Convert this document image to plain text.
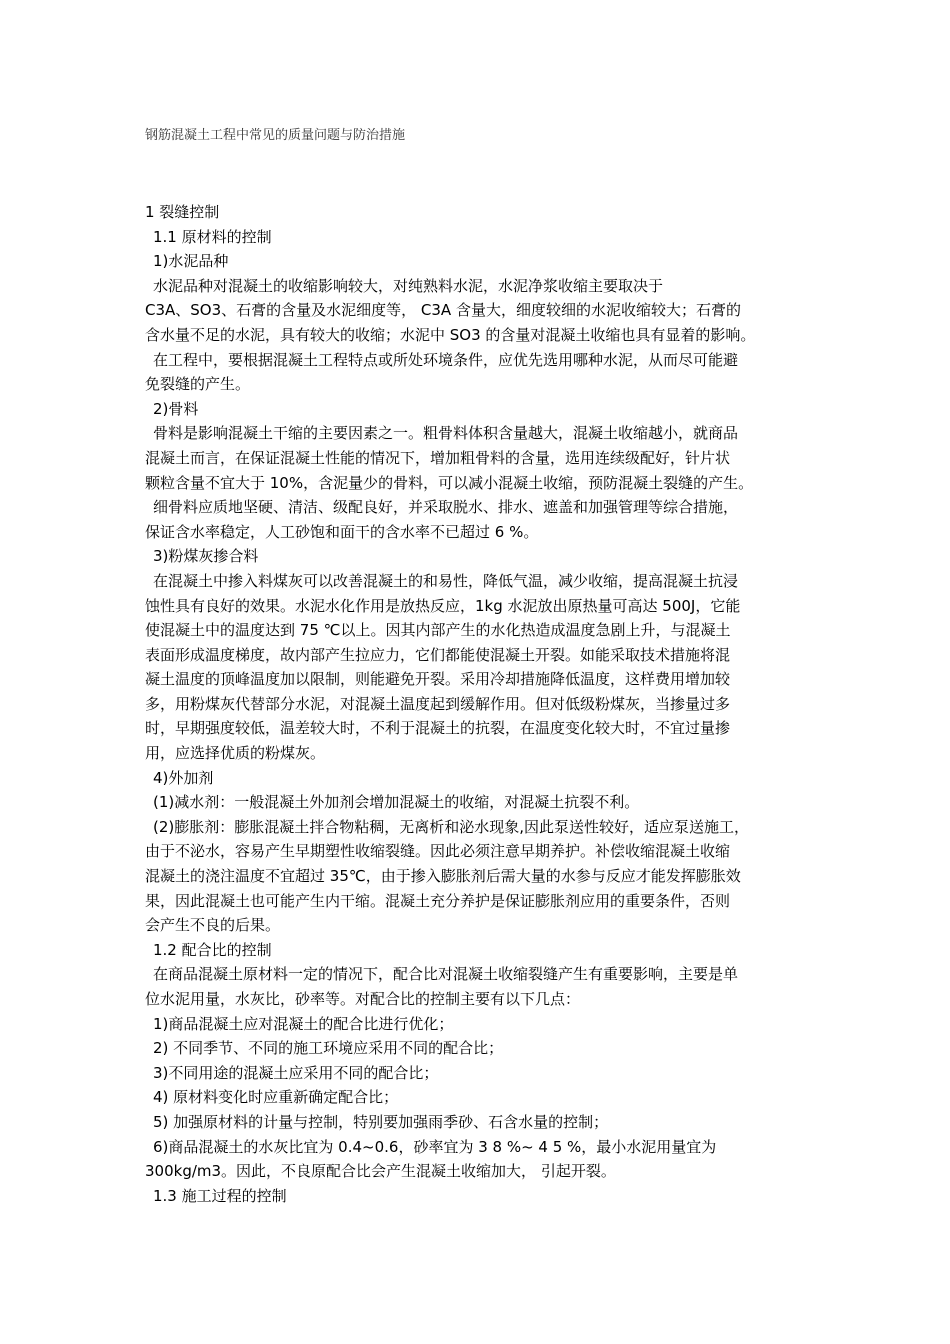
钢筋混凝土工程中常见的质量问题与防治措施
1 裂缝控制
1.1 原材料的控制
1)水泥品种
水泥品种对混凝土的收缩影响较大，对纯熟料水泥，水泥净浆收缩主要取决于
C3A、SO3、石膏的含量及水泥细度等， C3A 含量大，细度较细的水泥收缩较大；石膏的
含水量不足的水泥，具有较大的收缩；水泥中 SO3 的含量对混凝土收缩也具有显着的影响。
在工程中，要根据混凝土工程特点或所处环境条件，应优先选用哪种水泥，从而尽可能避
免裂缝的产生。
2)骨料
骨料是影响混凝土干缩的主要因素之一。粗骨料体积含量越大，混凝土收缩越小，就商品
混凝土而言，在保证混凝土性能的情况下，增加粗骨料的含量，选用连续级配好，针片状
颗粒含量不宜大于 10%，含泥量少的骨料，可以减小混凝土收缩，预防混凝土裂缝的产生。
细骨料应质地坚硬、清洁、级配良好，并采取脱水、排水、遮盖和加强管理等综合措施，
保证含水率稳定，人工砂饱和面干的含水率不已超过 6 %。
3)粉煤灰掺合料
在混凝土中掺入料煤灰可以改善混凝土的和易性，降低气温，减少收缩，提高混凝土抗浸
蚀性具有良好的效果。水泥水化作用是放热反应，1kg 水泥放出原热量可高达 500J，它能
使混凝土中的温度达到 75 ℃以上。因其内部产生的水化热造成温度急剧上升，与混凝土
表面形成温度梯度，故内部产生拉应力，它们都能使混凝土开裂。如能采取技术措施将混
凝土温度的顶峰温度加以限制，则能避免开裂。采用冷却措施降低温度，这样费用增加较
多，用粉煤灰代替部分水泥，对混凝土温度起到缓解作用。但对低级粉煤灰，当掺量过多
时，早期强度较低，温差较大时，不利于混凝土的抗裂，在温度变化较大时，不宜过量掺
用，应选择优质的粉煤灰。
4)外加剂
(1)减水剂：一般混凝土外加剂会增加混凝土的收缩，对混凝土抗裂不利。
(2)膨胀剂：膨胀混凝土拌合物粘稠，无离析和泌水现象,因此泵送性较好，适应泵送施工，
由于不泌水，容易产生早期塑性收缩裂缝。因此必须注意早期养护。补偿收缩混凝土收缩
混凝土的浇注温度不宜超过 35℃，由于掺入膨胀剂后需大量的水参与反应才能发挥膨胀效
果，因此混凝土也可能产生内干缩。混凝土充分养护是保证膨胀剂应用的重要条件，否则
会产生不良的后果。
1.2 配合比的控制
在商品混凝土原材料一定的情况下，配合比对混凝土收缩裂缝产生有重要影响，主要是单
位水泥用量，水灰比，砂率等。对配合比的控制主要有以下几点：
1)商品混凝土应对混凝土的配合比进行优化；
2) 不同季节、不同的施工环境应采用不同的配合比；
3)不同用途的混凝土应采用不同的配合比；
4) 原材料变化时应重新确定配合比；
5) 加强原材料的计量与控制，特别要加强雨季砂、石含水量的控制；
6)商品混凝土的水灰比宜为 0.4~0.6，砂率宜为 3 8 %~ 4 5 %，最小水泥用量宜为
300kg/m3。因此，不良原配合比会产生混凝土收缩加大， 引起开裂。
1.3 施工过程的控制
